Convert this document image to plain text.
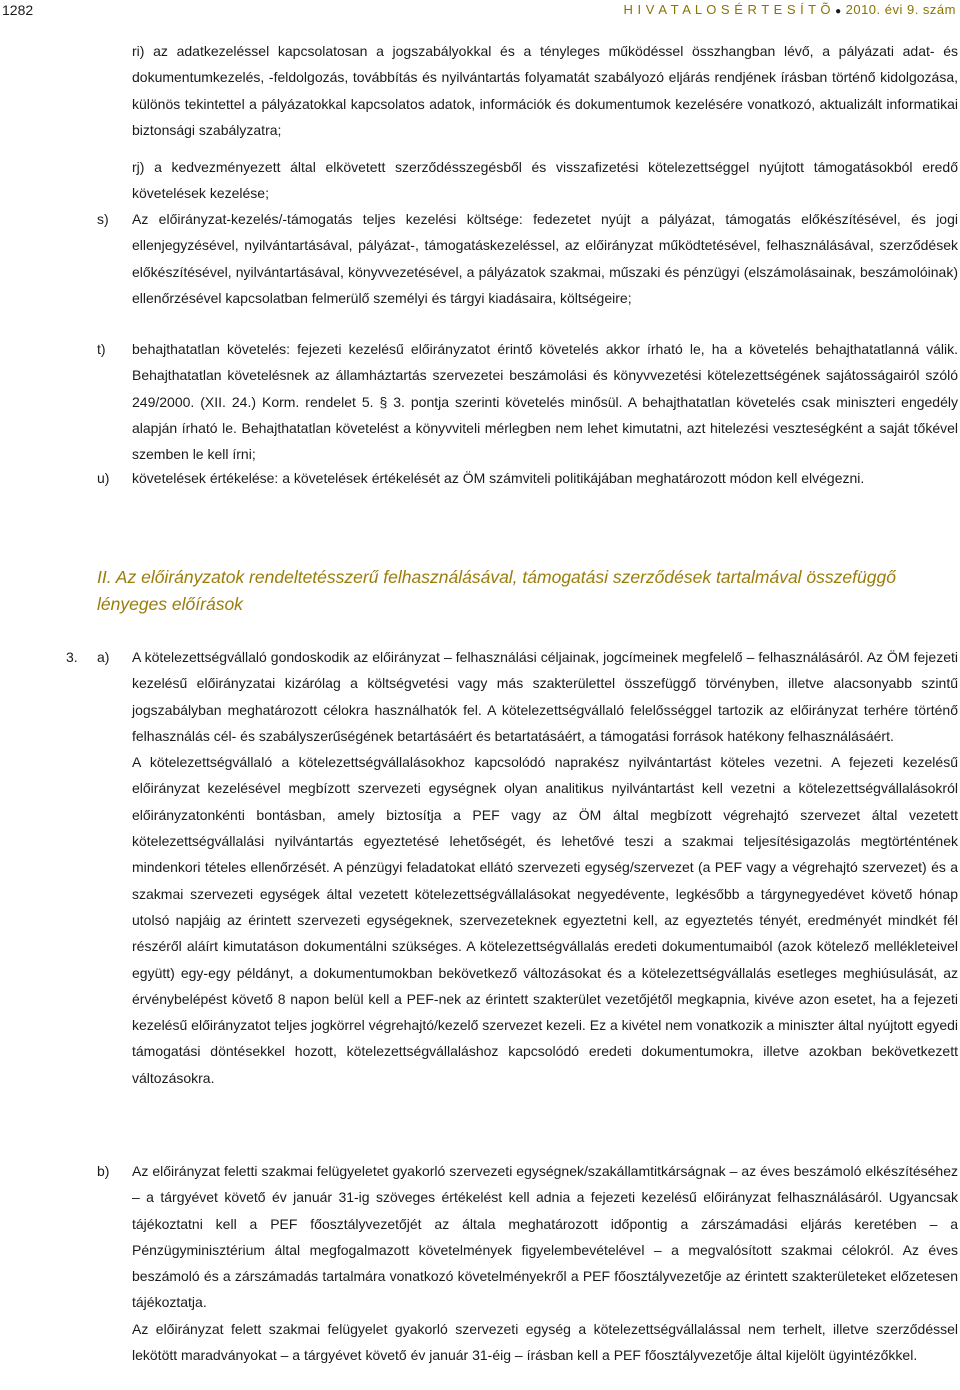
1282	H I V A T A L O S É R T E S Í T Õ ● 2010. évi 9. szám

ri) az adatkezeléssel kapcsolatosan a jogszabályokkal és a tényleges működéssel összhangban lévő, a pályázati adat- és dokumentumkezelés, -feldolgozás, továbbítás és nyilvántartás folyamatát szabályozó eljárás rendjének írásban történő kidolgozása, különös tekintettel a pályázatokkal kapcsolatos adatok, információk és dokumentumok kezelésére vonatkozó, aktualizált informatikai biztonsági szabályzatra;

rj) a kedvezményezett által elkövetett szerződésszegésből és visszafizetési kötelezettséggel nyújtott támogatásokból eredő követelések kezelése;

s) Az előirányzat-kezelés/-támogatás teljes kezelési költsége: fedezetet nyújt a pályázat, támogatás előkészítésével, és jogi ellenjegyzésével, nyilvántartásával, pályázat-, támogatáskezeléssel, az előirányzat működtetésével, felhasználásával, szerződések előkészítésével, nyilvántartásával, könyvvezetésével, a pályázatok szakmai, műszaki és pénzügyi (elszámolásainak, beszámolóinak) ellenőrzésével kapcsolatban felmerülő személyi és tárgyi kiadásaira, költségeire;

t) behajthatatlan követelés: fejezeti kezelésű előirányzatot érintő követelés akkor írható le, ha a követelés behajthatatlanná válik. Behajthatatlan követelésnek az államháztartás szervezetei beszámolási és könyvvezetési kötelezettségének sajátosságairól szóló 249/2000. (XII. 24.) Korm. rendelet 5. § 3. pontja szerinti követelés minősül. A behajthatatlan követelés csak miniszteri engedély alapján írható le. Behajthatatlan követelést a könyvviteli mérlegben nem lehet kimutatni, azt hitelezési veszteségként a saját tőkével szemben le kell írni;

u) követelések értékelése: a követelések értékelését az ÖM számviteli politikájában meghatározott módon kell elvégezni.

II. Az előirányzatok rendeltetésszerű felhasználásával, támogatási szerződések tartalmával összefüggő lényeges előírások
3. a) A kötelezettségvállaló gondoskodik az előirányzat – felhasználási céljainak, jogcímeinek megfelelő – felhasználásáról. Az ÖM fejezeti kezelésű előirányzatai kizárólag a költségvetési vagy más szakterülettel összefüggő törvényben, illetve alacsonyabb szintű jogszabályban meghatározott célokra használhatók fel. A kötelezettségvállaló felelősséggel tartozik az előirányzat terhére történő felhasználás cél- és szabályszerűségének betartásáért és betartatásáért, a támogatási források hatékony felhasználásáért.

A kötelezettségvállaló a kötelezettségvállalásokhoz kapcsolódó naprakész nyilvántartást köteles vezetni. A fejezeti kezelésű előirányzat kezelésével megbízott szervezeti egységnek olyan analitikus nyilvántartást kell vezetni a kötelezettségvállalásokról előirányzatonkénti bontásban, amely biztosítja a PEF vagy az ÖM által megbízott végrehajtó szervezet által vezetett kötelezettségvállalási nyilvántartás egyeztetésé lehetőségét, és lehetővé teszi a szakmai teljesítésigazolás megtörténtének mindenkori tételes ellenőrzését. A pénzügyi feladatokat ellátó szervezeti egység/szervezet (a PEF vagy a végrehajtó szervezet) és a szakmai szervezeti egységek által vezetett kötelezettségvállalásokat negyedévente, legkésőbb a tárgynegyedévet követő hónap utolsó napjáig az érintett szervezeti egységeknek, szervezeteknek egyeztetni kell, az egyeztetés tényét, eredményét mindkét fél részéről aláírt kimutatáson dokumentálni szükséges. A kötelezettségvállalás eredeti dokumentumaiból (azok kötelező mellékleteivel együtt) egy-egy példányt, a dokumentumokban bekövetkező változásokat és a kötelezettségvállalás esetleges meghiúsulását, az érvénybelépést követő 8 napon belül kell a PEF-nek az érintett szakterület vezetőjétől megkapnia, kivéve azon esetet, ha a fejezeti kezelésű előirányzatot teljes jogkörrel végrehajtó/kezelő szervezet kezeli. Ez a kivétel nem vonatkozik a miniszter által nyújtott egyedi támogatási döntésekkel hozott, kötelezettségvállaláshoz kapcsolódó eredeti dokumentumokra, illetve azokban bekövetkezett változásokra.

b) Az előirányzat feletti szakmai felügyeletet gyakorló szervezeti egységnek/szakállamtitkárságnak – az éves beszámoló elkészítéséhez – a tárgyévet követő év január 31-ig szöveges értékelést kell adnia a fejezeti kezelésű előirányzat felhasználásáról. Ugyancsak tájékoztatni kell a PEF főosztályvezetőjét az általa meghatározott időpontig a zárszámadási eljárás keretében – a Pénzügyminisztérium által megfogalmazott követelmények figyelembevételével – a megvalósított szakmai célokról. Az éves beszámoló és a zárszámadás tartalmára vonatkozó követelményekről a PEF főosztályvezetője az érintett szakterületeket előzetesen tájékoztatja.

Az előirányzat felett szakmai felügyelet gyakorló szervezeti egység a kötelezettségvállalással nem terhelt, illetve szerződéssel lekötött maradványokat – a tárgyévet követő év január 31-éig – írásban kell a PEF főosztályvezetője által kijelölt ügyintézőkkel.
